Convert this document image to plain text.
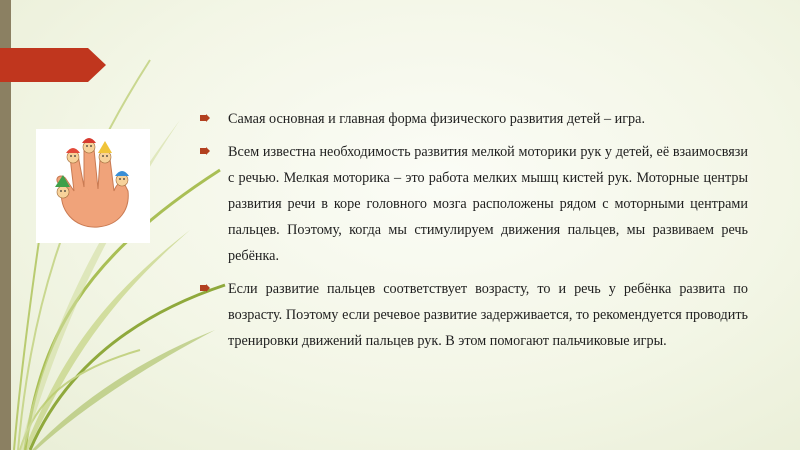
Самая основная и главная форма физического развития детей – игра.
Всем известна необходимость развития мелкой моторики рук у детей, её взаимосвязи с речью. Мелкая моторика – это работа мелких мышц кистей рук. Моторные центры развития речи в коре головного мозга расположены рядом с моторными центрами пальцев. Поэтому, когда мы стимулируем движения пальцев, мы развиваем речь ребёнка.
Если развитие пальцев соответствует возрасту, то и речь у ребёнка развита по возрасту. Поэтому если речевое развитие задерживается, то рекомендуется проводить тренировки движений пальцев рук. В этом помогают пальчиковые игры.
